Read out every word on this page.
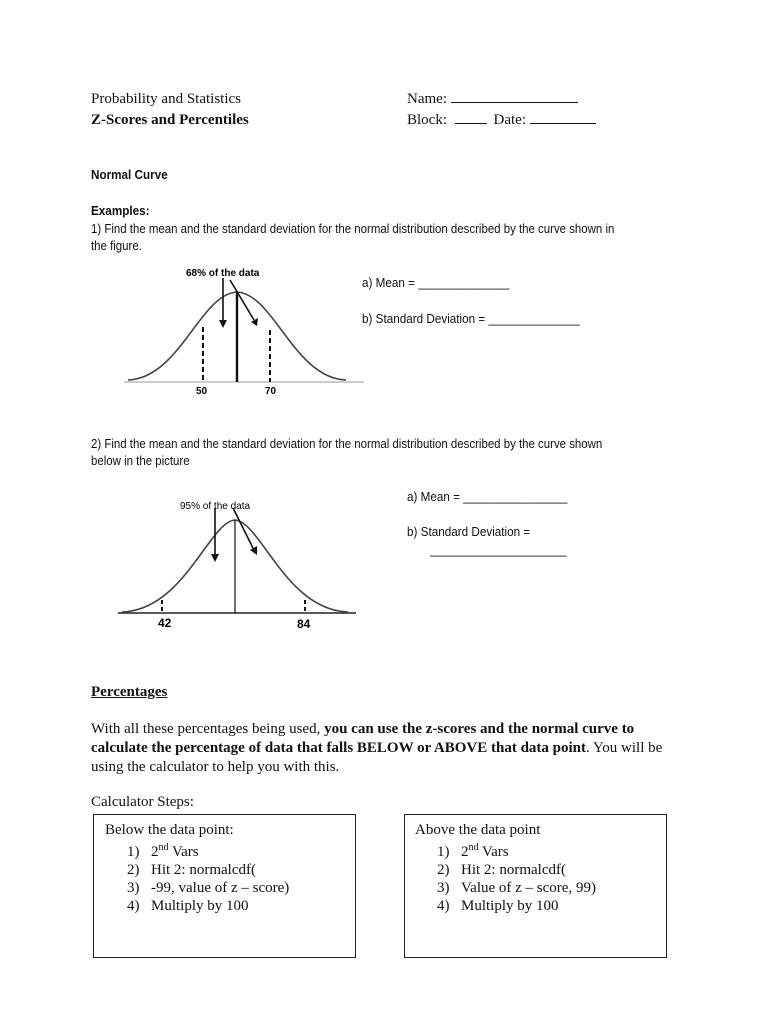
Probability and Statistics
Z-Scores and Percentiles
Name:
Block:	Date:
Normal Curve
Examples:
1) Find the mean and the standard deviation for the normal distribution described by the curve shown in
the figure.
68% of the data
50	70
a) Mean = ______________
b) Standard Deviation = ______________
2) Find the mean and the standard deviation for the normal distribution described by the curve shown
below in the picture
95% of the data
42	84
a) Mean = ________________
b) Standard Deviation =
_____________________
Percentages
With all these percentages being used, you can use the z-scores and the normal curve to calculate the percentage of data that falls BELOW or ABOVE that data point. You will be using the calculator to help you with this.
Calculator Steps:
Below the data point:
1) 2nd Vars
2) Hit 2: normalcdf(
3) -99, value of z – score)
4) Multiply by 100
Above the data point
1) 2nd Vars
2) Hit 2: normalcdf(
3) Value of z – score, 99)
4) Multiply by 100
